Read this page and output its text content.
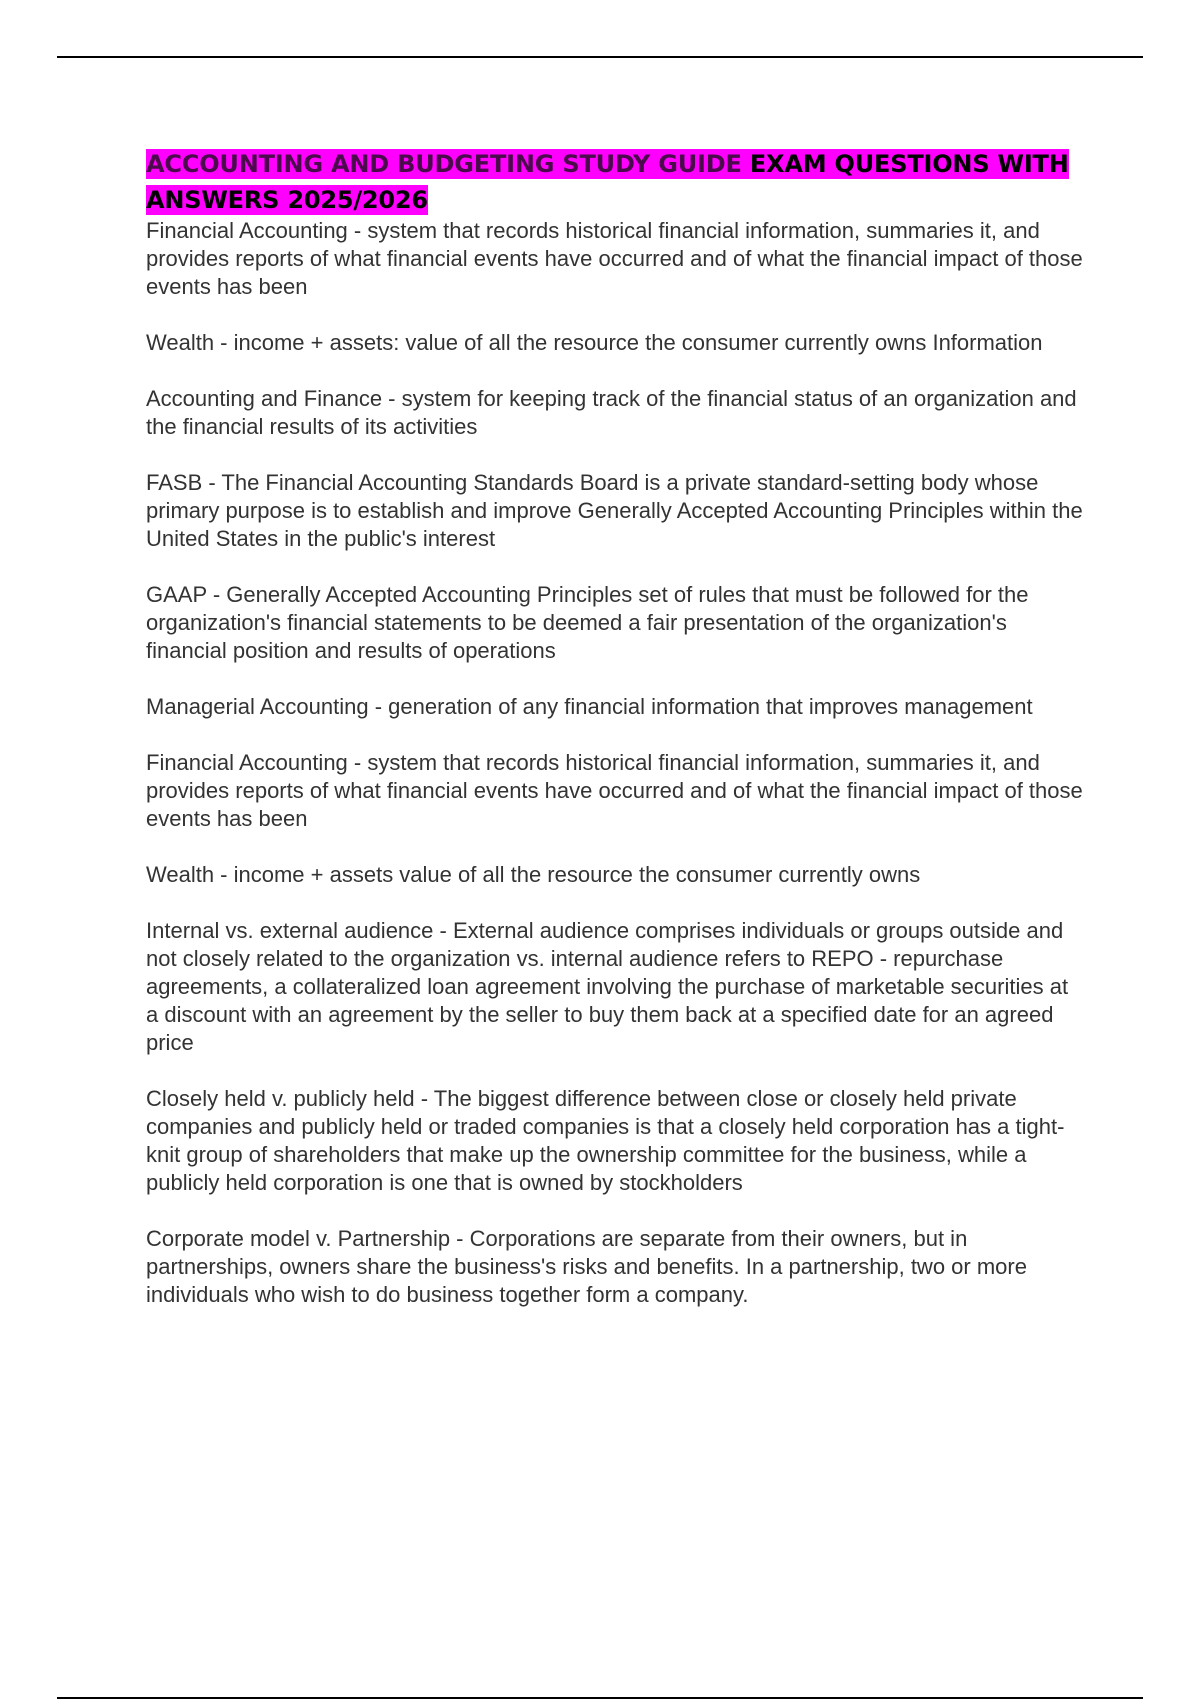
ACCOUNTING AND BUDGETING STUDY GUIDE EXAM QUESTIONS WITH ANSWERS 2025/2026

Financial Accounting - system that records historical financial information, summaries it, and provides reports of what financial events have occurred and of what the financial impact of those events has been

Wealth - income + assets: value of all the resource the consumer currently owns Information

Accounting and Finance - system for keeping track of the financial status of an organization and the financial results of its activities

FASB - The Financial Accounting Standards Board is a private standard-setting body whose primary purpose is to establish and improve Generally Accepted Accounting Principles within the United States in the public's interest

GAAP - Generally Accepted Accounting Principles set of rules that must be followed for the organization's financial statements to be deemed a fair presentation of the organization's financial position and results of operations

Managerial Accounting - generation of any financial information that improves management

Financial Accounting - system that records historical financial information, summaries it, and provides reports of what financial events have occurred and of what the financial impact of those events has been

Wealth - income + assets value of all the resource the consumer currently owns

Internal vs. external audience - External audience comprises individuals or groups outside and not closely related to the organization vs. internal audience refers to REPO - repurchase agreements, a collateralized loan agreement involving the purchase of marketable securities at a discount with an agreement by the seller to buy them back at a specified date for an agreed price

Closely held v. publicly held - The biggest difference between close or closely held private companies and publicly held or traded companies is that a closely held corporation has a tight-knit group of shareholders that make up the ownership committee for the business, while a publicly held corporation is one that is owned by stockholders

Corporate model v. Partnership - Corporations are separate from their owners, but in partnerships, owners share the business's risks and benefits. In a partnership, two or more individuals who wish to do business together form a company.
